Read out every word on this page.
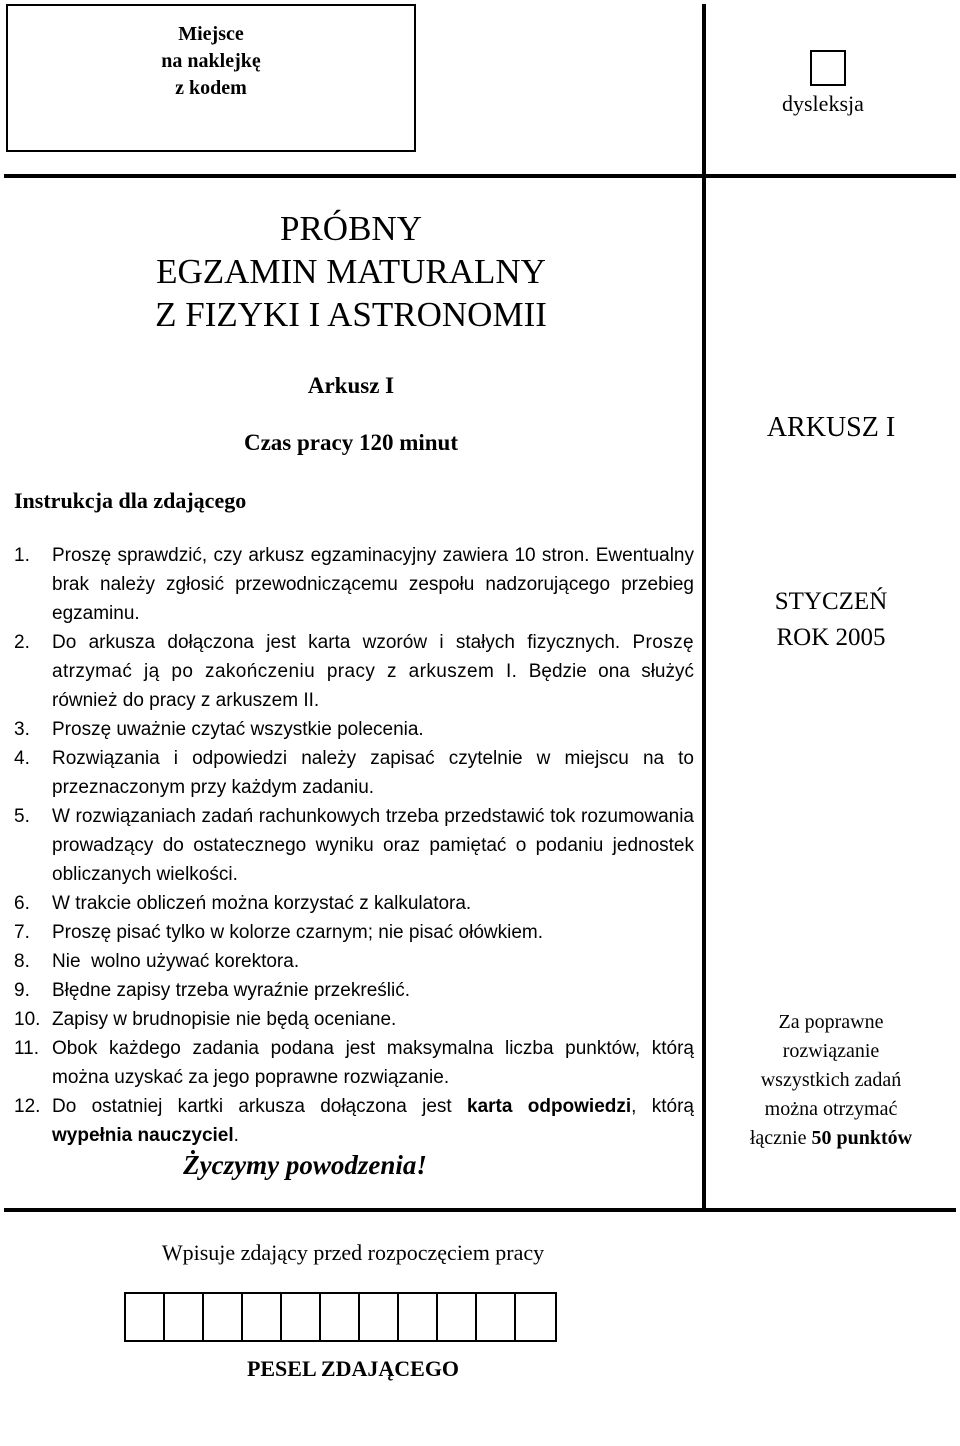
Miejsce
na naklejkę
z kodem
dysleksja
PRÓBNY
EGZAMIN MATURALNY
Z FIZYKI I ASTRONOMII
Arkusz I
Czas pracy 120 minut
Instrukcja dla zdającego
1.	Proszę sprawdzić, czy arkusz egzaminacyjny zawiera 10 stron. Ewentualny brak należy zgłosić przewodniczącemu zespołu nadzorującego przebieg egzaminu.
2.	Do arkusza dołączona jest karta wzorów i stałych fizycznych. Proszę atrzymać ją po zakończeniu pracy z arkuszem I. Będzie ona służyć również do pracy z arkuszem II.
3.	Proszę uważnie czytać wszystkie polecenia.
4.	Rozwiązania i odpowiedzi należy zapisać czytelnie w miejscu na to przeznaczonym przy każdym zadaniu.
5.	W rozwiązaniach zadań rachunkowych trzeba przedstawić tok rozumowania prowadzący do ostatecznego wyniku oraz pamiętać o podaniu jednostek obliczanych wielkości.
6.	W trakcie obliczeń można korzystać z kalkulatora.
7.	Proszę pisać tylko w kolorze czarnym; nie pisać ołówkiem.
8.	Nie  wolno używać korektora.
9.	Błędne zapisy trzeba wyraźnie przekreślić.
10. Zapisy w brudnopisie nie będą oceniane.
11. Obok każdego zadania podana jest maksymalna liczba punktów, którą można uzyskać za jego poprawne rozwiązanie.
12. Do ostatniej kartki arkusza dołączona jest karta odpowiedzi, którą wypełnia nauczyciel.
Życzymy powodzenia!
ARKUSZ I
STYCZEŃ
ROK 2005
Za poprawne
rozwiązanie
wszystkich zadań
można otrzymać
łącznie 50 punktów
Wpisuje zdający przed rozpoczęciem pracy
PESEL ZDAJĄCEGO
